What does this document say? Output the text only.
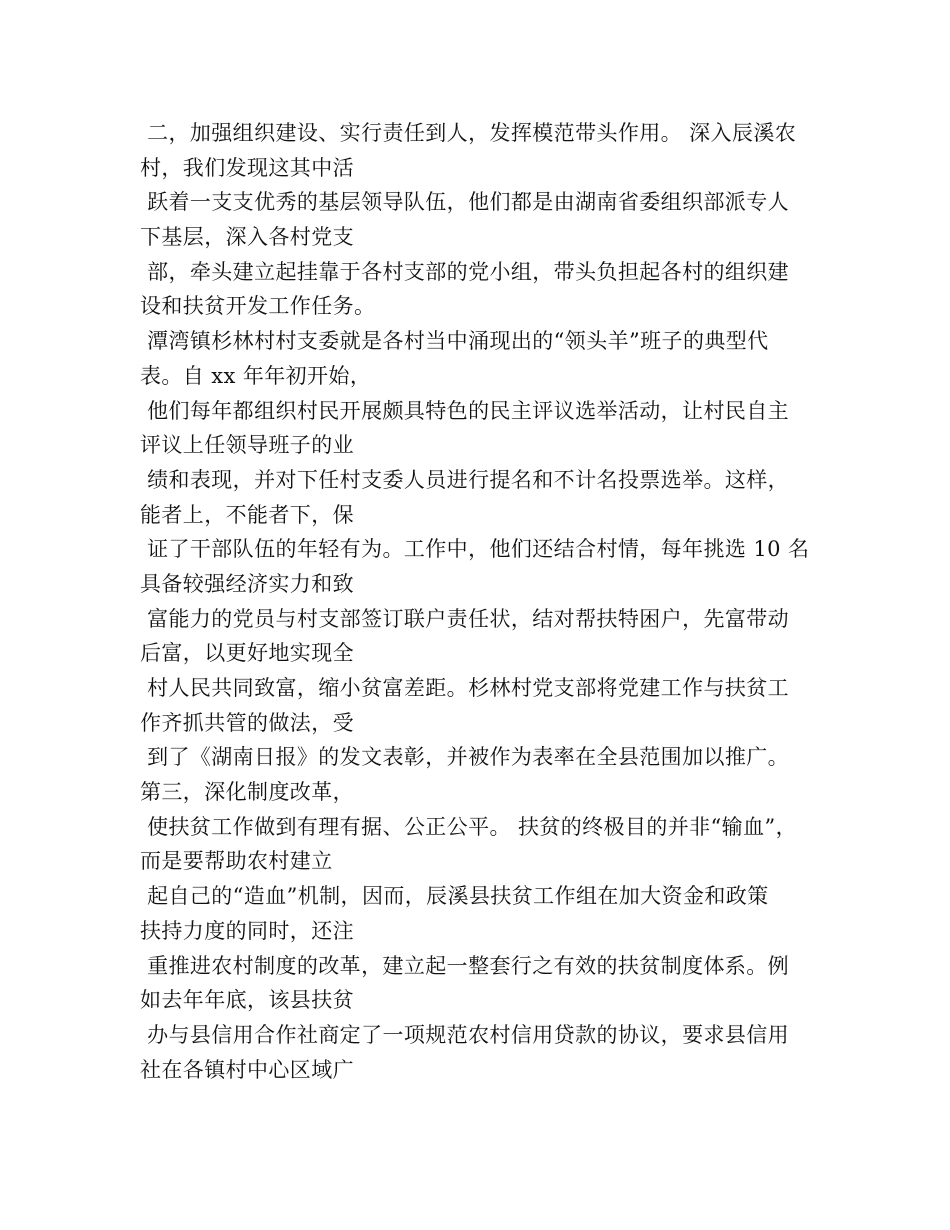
二，加强组织建设、实行责任到人，发挥模范带头作用。 深入辰溪农
村，我们发现这其中活
跃着一支支优秀的基层领导队伍，他们都是由湖南省委组织部派专人
下基层，深入各村党支
部，牵头建立起挂靠于各村支部的党小组，带头负担起各村的组织建
设和扶贫开发工作任务。
潭湾镇杉林村村支委就是各村当中涌现出的“领头羊”班子的典型代
表。自 xx 年年初开始，
他们每年都组织村民开展颇具特色的民主评议选举活动，让村民自主
评议上任领导班子的业
绩和表现，并对下任村支委人员进行提名和不计名投票选举。这样，
能者上，不能者下，保
证了干部队伍的年轻有为。工作中，他们还结合村情，每年挑选 10 名
具备较强经济实力和致
富能力的党员与村支部签订联户责任状，结对帮扶特困户，先富带动
后富，以更好地实现全
村人民共同致富，缩小贫富差距。杉林村党支部将党建工作与扶贫工
作齐抓共管的做法，受
到了《湖南日报》的发文表彰，并被作为表率在全县范围加以推广。
第三，深化制度改革，
使扶贫工作做到有理有据、公正公平。 扶贫的终极目的并非“输血”，
而是要帮助农村建立
起自己的“造血”机制，因而，辰溪县扶贫工作组在加大资金和政策
扶持力度的同时，还注
重推进农村制度的改革，建立起一整套行之有效的扶贫制度体系。例
如去年年底，该县扶贫
办与县信用合作社商定了一项规范农村信用贷款的协议，要求县信用
社在各镇村中心区域广
